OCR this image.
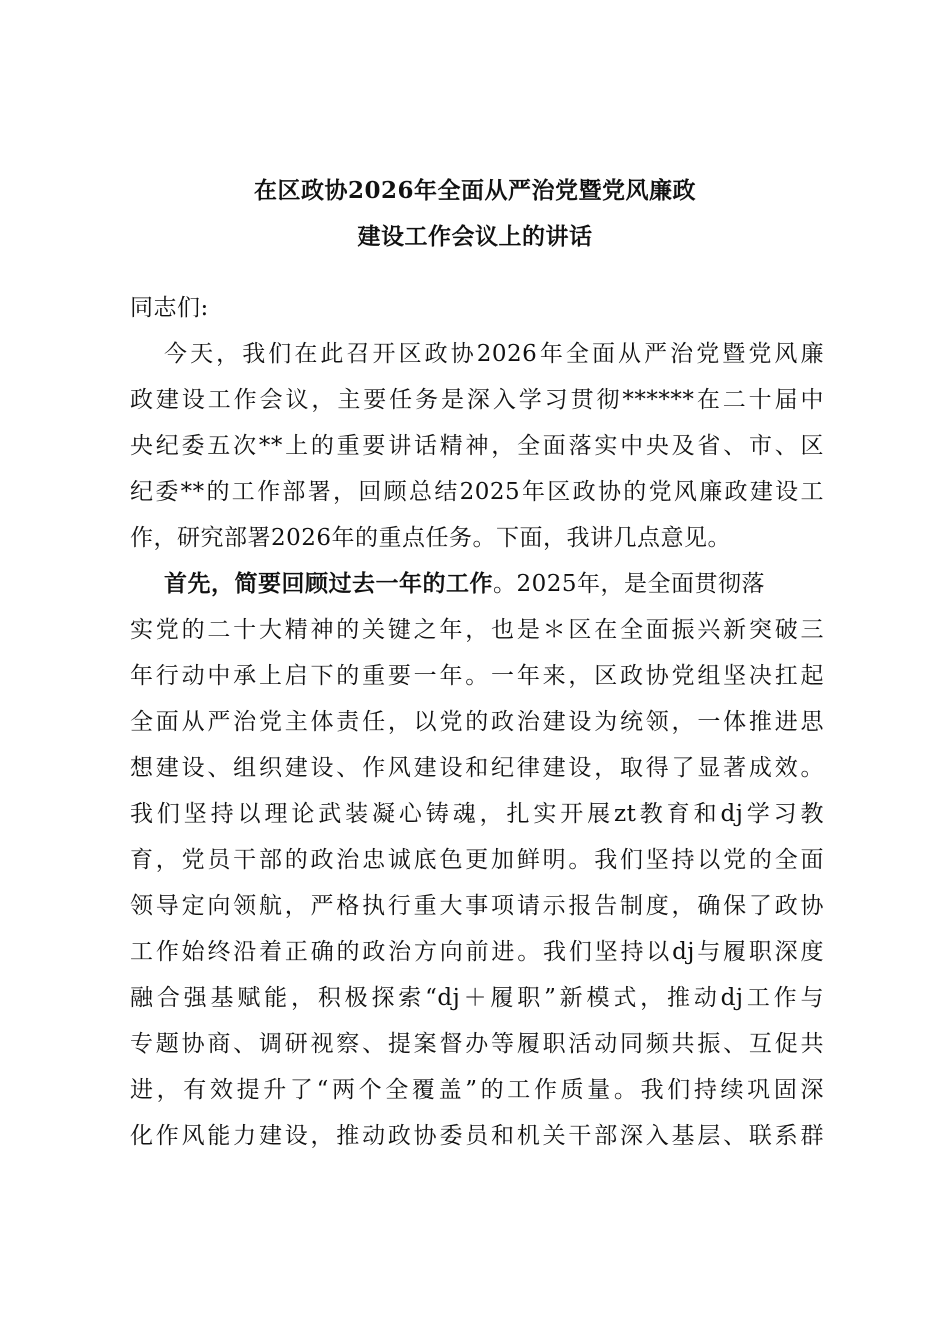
在区政协2026年全面从严治党暨党风廉政
建设工作会议上的讲话
同志们:
今天，我们在此召开区政协2026年全面从严治党暨党风廉
政建设工作会议，主要任务是深入学习贯彻******在二十届中
央纪委五次**上的重要讲话精神，全面落实中央及省、市、区
纪委**的工作部署，回顾总结2025年区政协的党风廉政建设工
作，研究部署2026年的重点任务。下面，我讲几点意见。
首先，简要回顾过去一年的工作。2025年，是全面贯彻落
实党的二十大精神的关键之年，也是＊区在全面振兴新突破三
年行动中承上启下的重要一年。一年来，区政协党组坚决扛起
全面从严治党主体责任，以党的政治建设为统领，一体推进思
想建设、组织建设、作风建设和纪律建设，取得了显著成效。
我们坚持以理论武装凝心铸魂，扎实开展zt教育和dj学习教
育，党员干部的政治忠诚底色更加鲜明。我们坚持以党的全面
领导定向领航，严格执行重大事项请示报告制度，确保了政协
工作始终沿着正确的政治方向前进。我们坚持以dj与履职深度
融合强基赋能，积极探索“dj＋履职”新模式，推动dj工作与
专题协商、调研视察、提案督办等履职活动同频共振、互促共
进，有效提升了“两个全覆盖”的工作质量。我们持续巩固深
化作风能力建设，推动政协委员和机关干部深入基层、联系群
